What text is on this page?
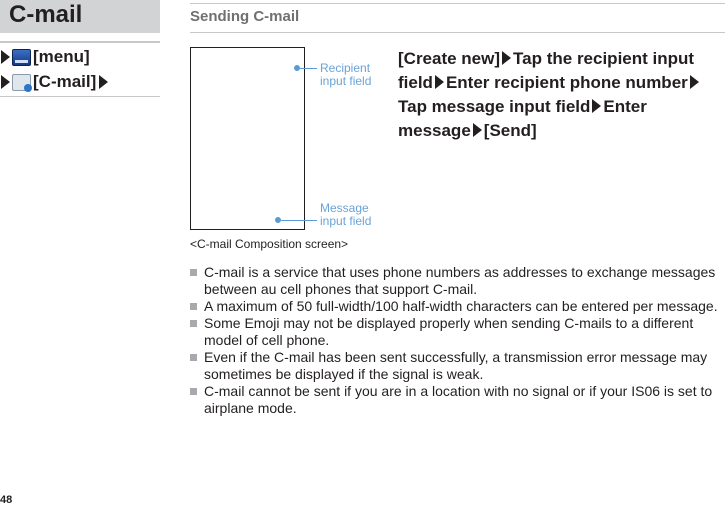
C-mail
[menu]
[C-mail]
Sending C-mail
Recipient
input field
Message
input field
<C-mail Composition screen>
[Create new] Tap the recipient input field Enter recipient phone numberTap message input field Enter message [Send]
C-mail is a service that uses phone numbers as addresses to exchange messages between au cell phones that support C-mail.
A maximum of 50 full-width/100 half-width characters can be entered per message.
Some Emoji may not be displayed properly when sending C-mails to a different model of cell phone.
Even if the C-mail has been sent successfully, a transmission error message may sometimes be displayed if the signal is weak.
C-mail cannot be sent if you are in a location with no signal or if your IS06 is set to airplane mode.
48
